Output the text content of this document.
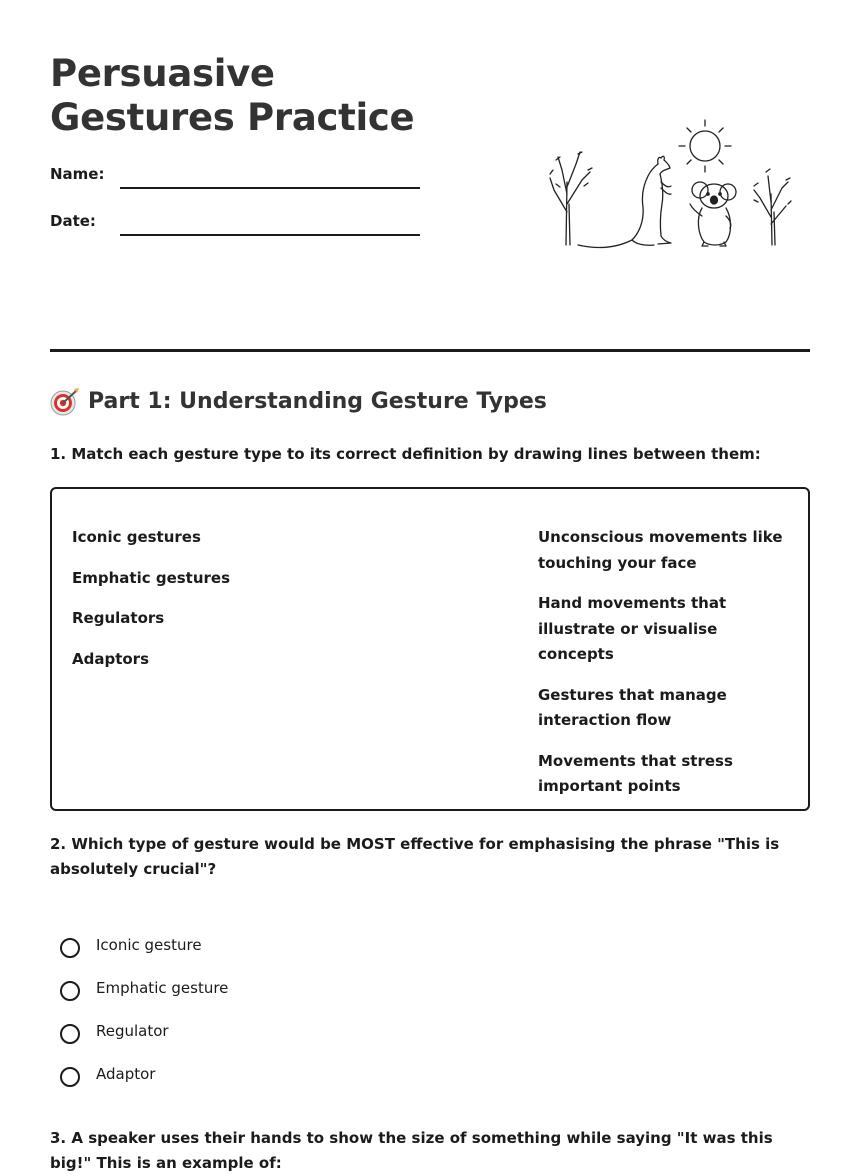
Persuasive Gestures Practice
Name:
Date:
Part 1: Understanding Gesture Types

1. Match each gesture type to its correct definition by drawing lines between them:

Iconic gestures
Emphatic gestures
Regulators
Adaptors
Unconscious movements like touching your face
Hand movements that illustrate or visualise concepts
Gestures that manage interaction flow
Movements that stress important points

2. Which type of gesture would be MOST effective for emphasising the phrase "This is absolutely crucial"?

Iconic gesture
Emphatic gesture
Regulator
Adaptor

3. A speaker uses their hands to show the size of something while saying "It was this big!" This is an example of:
